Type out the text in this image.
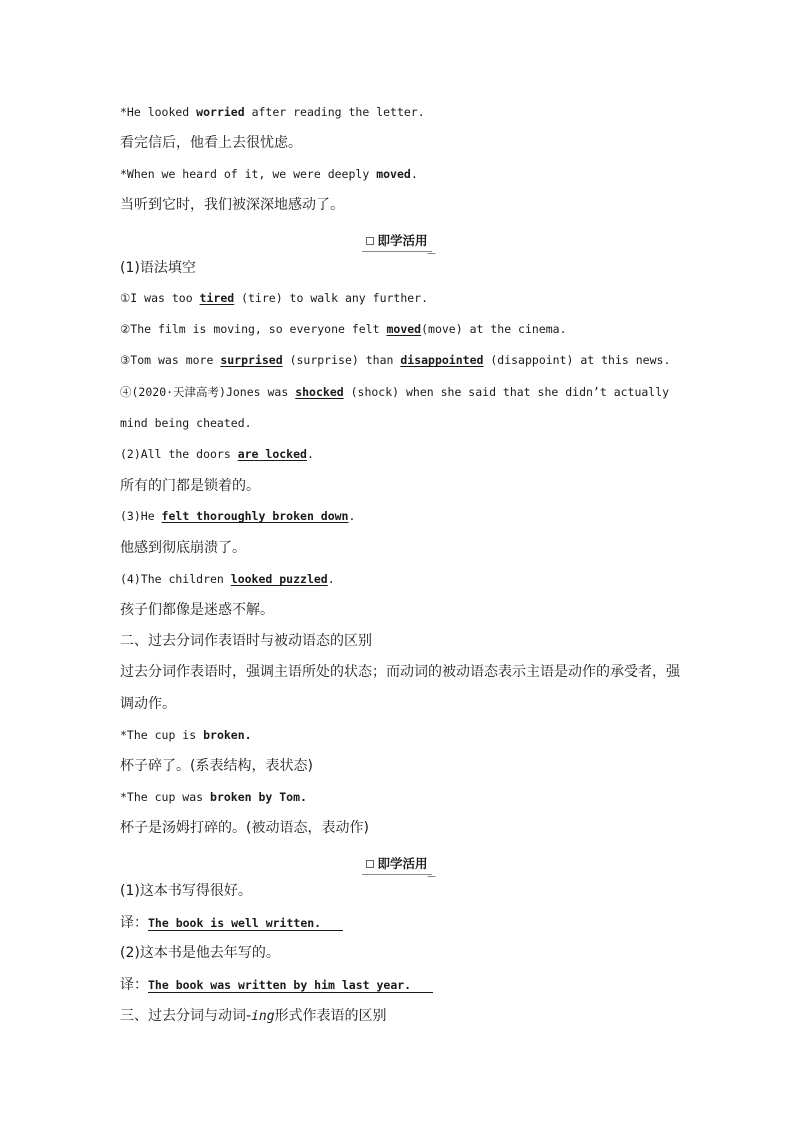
*He looked worried after reading the letter.
看完信后，他看上去很忧虑。
*When we heard of it, we were deeply moved.
当听到它时，我们被深深地感动了。
即学活用
(1)语法填空
①I was too tired (tire) to walk any further.
②The film is moving, so everyone felt moved(move) at the cinema.
③Tom was more surprised (surprise) than disappointed (disappoint) at this news.
④(2020·天津高考)Jones was shocked (shock) when she said that she didn’t actually
mind being cheated.
(2)All the doors are locked.
所有的门都是锁着的。
(3)He felt thoroughly broken down.
他感到彻底崩溃了。
(4)The children looked puzzled.
孩子们都像是迷惑不解。
二、过去分词作表语时与被动语态的区别
过去分词作表语时，强调主语所处的状态；而动词的被动语态表示主语是动作的承受者，强
调动作。
*The cup is broken.
杯子碎了。(系表结构，表状态)
*The cup was broken by Tom.
杯子是汤姆打碎的。(被动语态，表动作)
即学活用
(1)这本书写得很好。
译：The book is well written.
(2)这本书是他去年写的。
译：The book was written by him last year.
三、过去分词与动词-ing形式作表语的区别
